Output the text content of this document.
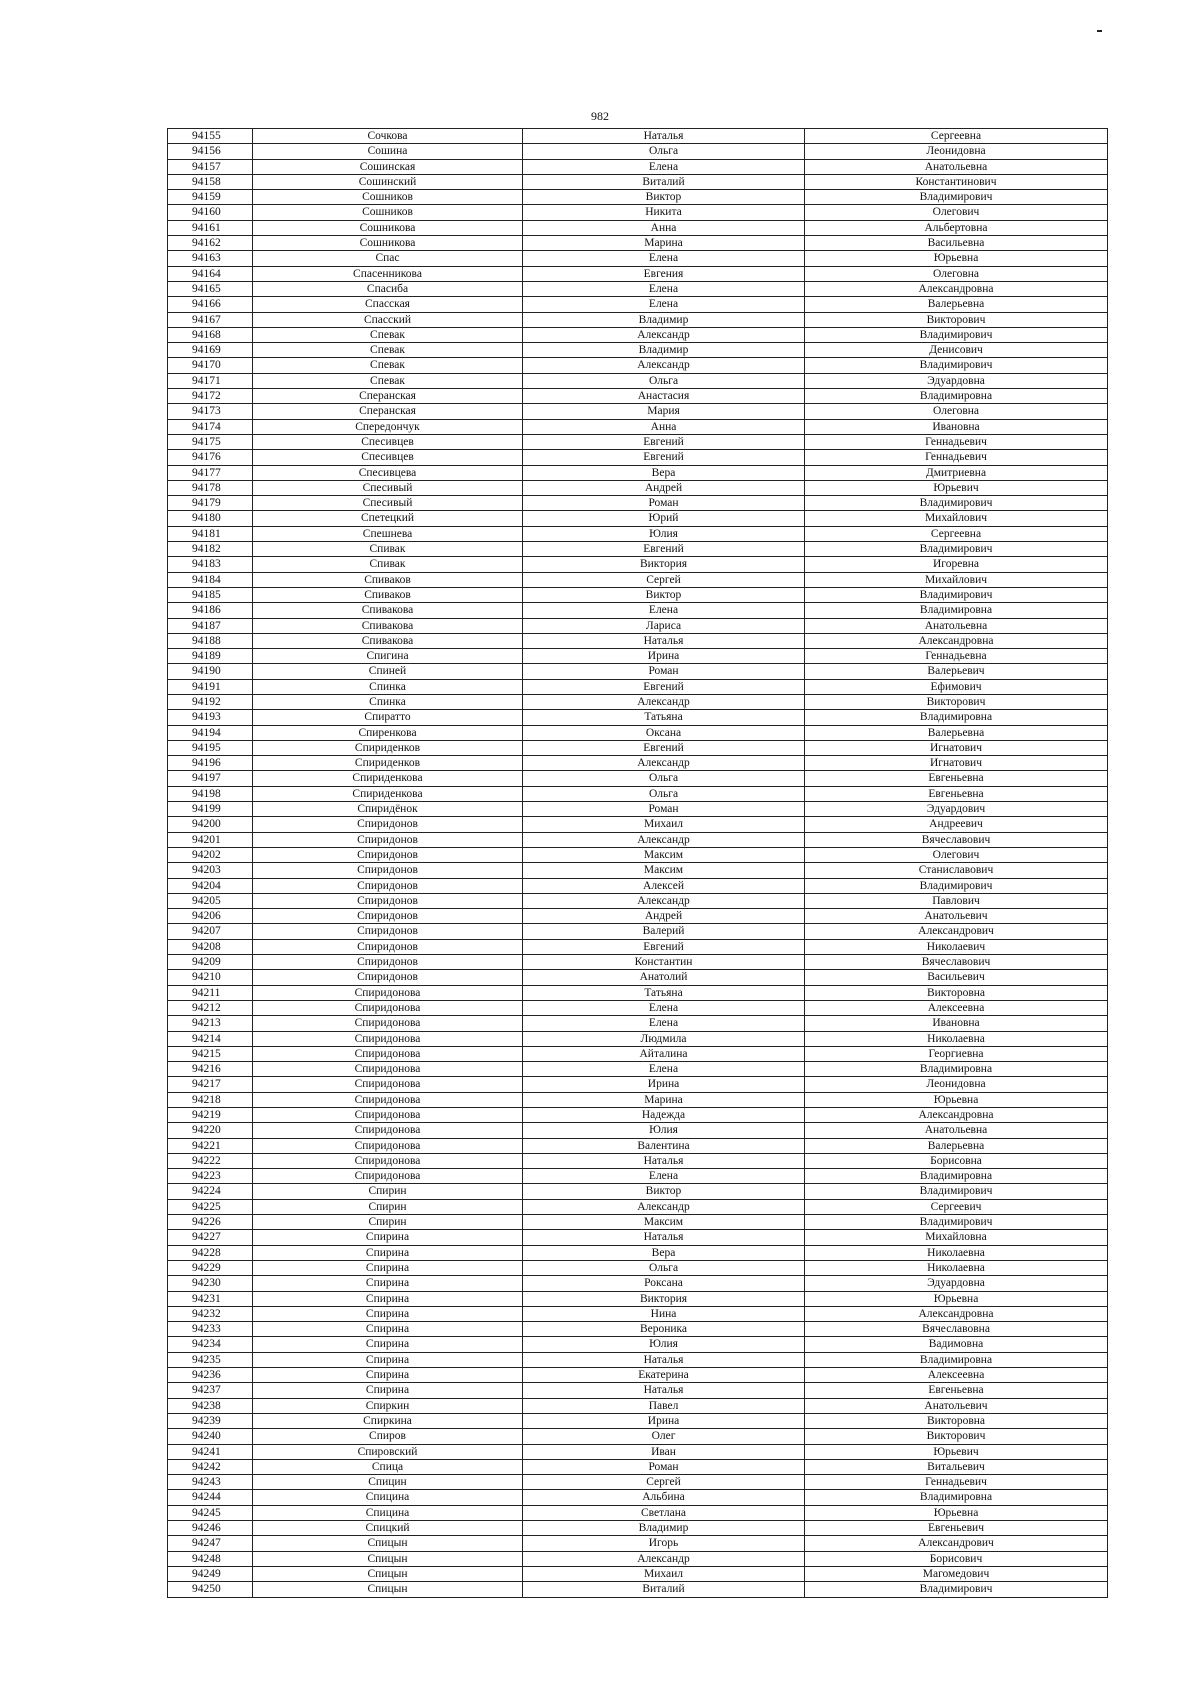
982
94155	Сочкова	Наталья	Сергеевна
94156	Сошина	Ольга	Леонидовна
94157	Сошинская	Елена	Анатольевна
94158	Сошинский	Виталий	Константинович
94159	Сошников	Виктор	Владимирович
94160	Сошников	Никита	Олегович
94161	Сошникова	Анна	Альбертовна
94162	Сошникова	Марина	Васильевна
94163	Спас	Елена	Юрьевна
94164	Спасенникова	Евгения	Олеговна
94165	Спасиба	Елена	Александровна
94166	Спасская	Елена	Валерьевна
94167	Спасский	Владимир	Викторович
94168	Спевак	Александр	Владимирович
94169	Спевак	Владимир	Денисович
94170	Спевак	Александр	Владимирович
94171	Спевак	Ольга	Эдуардовна
94172	Сперанская	Анастасия	Владимировна
94173	Сперанская	Мария	Олеговна
94174	Спередончук	Анна	Ивановна
94175	Спесивцев	Евгений	Геннадьевич
94176	Спесивцев	Евгений	Геннадьевич
94177	Спесивцева	Вера	Дмитриевна
94178	Спесивый	Андрей	Юрьевич
94179	Спесивый	Роман	Владимирович
94180	Спетецкий	Юрий	Михайлович
94181	Спешнева	Юлия	Сергеевна
94182	Спивак	Евгений	Владимирович
94183	Спивак	Виктория	Игоревна
94184	Спиваков	Сергей	Михайлович
94185	Спиваков	Виктор	Владимирович
94186	Спивакова	Елена	Владимировна
94187	Спивакова	Лариса	Анатольевна
94188	Спивакова	Наталья	Александровна
94189	Спигина	Ирина	Геннадьевна
94190	Спиней	Роман	Валерьевич
94191	Спинка	Евгений	Ефимович
94192	Спинка	Александр	Викторович
94193	Спиратто	Татьяна	Владимировна
94194	Спиренкова	Оксана	Валерьевна
94195	Спириденков	Евгений	Игнатович
94196	Спириденков	Александр	Игнатович
94197	Спириденкова	Ольга	Евгеньевна
94198	Спириденкова	Ольга	Евгеньевна
94199	Спиридёнок	Роман	Эдуардович
94200	Спиридонов	Михаил	Андреевич
94201	Спиридонов	Александр	Вячеславович
94202	Спиридонов	Максим	Олегович
94203	Спиридонов	Максим	Станиславович
94204	Спиридонов	Алексей	Владимирович
94205	Спиридонов	Александр	Павлович
94206	Спиридонов	Андрей	Анатольевич
94207	Спиридонов	Валерий	Александрович
94208	Спиридонов	Евгений	Николаевич
94209	Спиридонов	Константин	Вячеславович
94210	Спиридонов	Анатолий	Васильевич
94211	Спиридонова	Татьяна	Викторовна
94212	Спиридонова	Елена	Алексеевна
94213	Спиридонова	Елена	Ивановна
94214	Спиридонова	Людмила	Николаевна
94215	Спиридонова	Айталина	Георгиевна
94216	Спиридонова	Елена	Владимировна
94217	Спиридонова	Ирина	Леонидовна
94218	Спиридонова	Марина	Юрьевна
94219	Спиридонова	Надежда	Александровна
94220	Спиридонова	Юлия	Анатольевна
94221	Спиридонова	Валентина	Валерьевна
94222	Спиридонова	Наталья	Борисовна
94223	Спиридонова	Елена	Владимировна
94224	Спирин	Виктор	Владимирович
94225	Спирин	Александр	Сергеевич
94226	Спирин	Максим	Владимирович
94227	Спирина	Наталья	Михайловна
94228	Спирина	Вера	Николаевна
94229	Спирина	Ольга	Николаевна
94230	Спирина	Роксана	Эдуардовна
94231	Спирина	Виктория	Юрьевна
94232	Спирина	Нина	Александровна
94233	Спирина	Вероника	Вячеславовна
94234	Спирина	Юлия	Вадимовна
94235	Спирина	Наталья	Владимировна
94236	Спирина	Екатерина	Алексеевна
94237	Спирина	Наталья	Евгеньевна
94238	Спиркин	Павел	Анатольевич
94239	Спиркина	Ирина	Викторовна
94240	Спиров	Олег	Викторович
94241	Спировский	Иван	Юрьевич
94242	Спица	Роман	Витальевич
94243	Спицин	Сергей	Геннадьевич
94244	Спицина	Альбина	Владимировна
94245	Спицина	Светлана	Юрьевна
94246	Спицкий	Владимир	Евгеньевич
94247	Спицын	Игорь	Александрович
94248	Спицын	Александр	Борисович
94249	Спицын	Михаил	Магомедович
94250	Спицын	Виталий	Владимирович
